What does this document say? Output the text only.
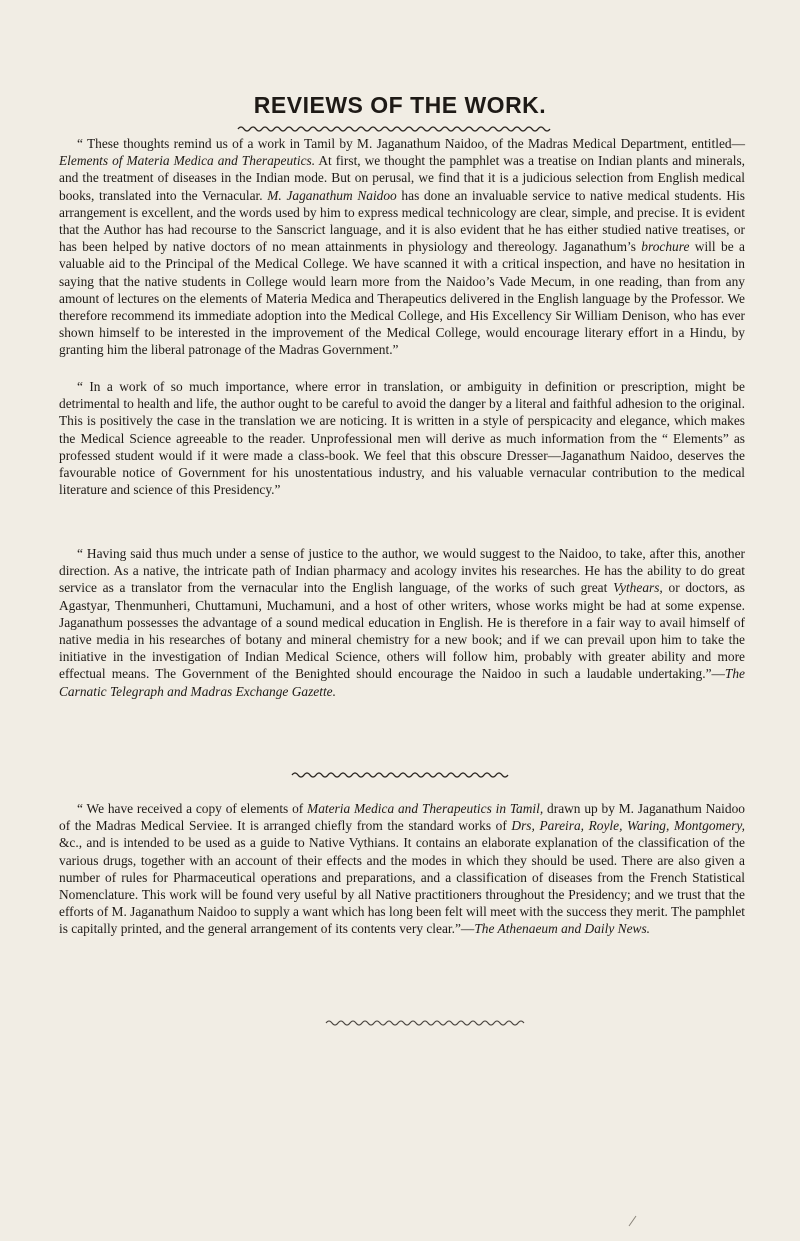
REVIEWS OF THE WORK.

“ These thoughts remind us of a work in Tamil by M. Jaganathum Naidoo, of the Madras Medical Department, entitled—Elements of Materia Medica and Therapeutics. At first, we thought the pamphlet was a treatise on Indian plants and minerals, and the treatment of diseases in the Indian mode. But on perusal, we find that it is a judicious selection from English medical books, translated into the Vernacular. M. Jaganathum Naidoo has done an invaluable service to native medical students. His arrangement is excellent, and the words used by him to express medical technicology are clear, simple, and precise. It is evident that the Author has had recourse to the Sanscrict language, and it is also evident that he has either studied native treatises, or has been helped by native doctors of no mean attainments in physiology and thereology. Jaganathum’s brochure will be a valuable aid to the Principal of the Medical College. We have scanned it with a critical inspection, and have no hesitation in saying that the native students in College would learn more from the Naidoo’s Vade Mecum, in one reading, than from any amount of lectures on the elements of Materia Medica and Therapeutics delivered in the English language by the Professor. We therefore recommend its immediate adoption into the Medical College, and His Excellency Sir William Denison, who has ever shown himself to be interested in the improvement of the Medical College, would encourage literary effort in a Hindu, by granting him the liberal patronage of the Madras Government.”

“ In a work of so much importance, where error in translation, or ambiguity in definition or prescription, might be detrimental to health and life, the author ought to be careful to avoid the danger by a literal and faithful adhesion to the original. This is positively the case in the translation we are noticing. It is written in a style of perspicacity and elegance, which makes the Medical Science agreeable to the reader. Unprofessional men will derive as much information from the “ Elements” as professed student would if it were made a class-book. We feel that this obscure Dresser—Jaganathum Naidoo, deserves the favourable notice of Government for his unostentatious industry, and his valuable vernacular contribution to the medical literature and science of this Presidency.”

“ Having said thus much under a sense of justice to the author, we would suggest to the Naidoo, to take, after this, another direction. As a native, the intricate path of Indian pharmacy and acology invites his researches. He has the ability to do great service as a translator from the vernacular into the English language, of the works of such great Vythears, or doctors, as Agastyar, Thenmunheri, Chuttamuni, Muchamuni, and a host of other writers, whose works might be had at some expense. Jaganathum possesses the advantage of a sound medical education in English. He is therefore in a fair way to avail himself of native media in his researches of botany and mineral chemistry for a new book; and if we can prevail upon him to take the initiative in the investigation of Indian Medical Science, others will follow him, probably with greater ability and more effectual means. The Government of the Benighted should encourage the Naidoo in such a laudable undertaking.”—The Carnatic Telegraph and Madras Exchange Gazette.

“ We have received a copy of elements of Materia Medica and Therapeutics in Tamil, drawn up by M. Jaganathum Naidoo of the Madras Medical Serviee. It is arranged chiefly from the standard works of Drs, Pareira, Royle, Waring, Montgomery, &c., and is intended to be used as a guide to Native Vythians. It contains an elaborate explanation of the classification of the various drugs, together with an account of their effects and the modes in which they should be used. There are also given a number of rules for Pharmaceutical operations and preparations, and a classification of diseases from the French Statistical Nomenclature. This work will be found very useful by all Native practitioners throughout the Presidency; and we trust that the efforts of M. Jaganathum Naidoo to supply a want which has long been felt will meet with the success they merit. The pamphlet is capitally printed, and the general arrangement of its contents very clear.”—The Athenaeum and Daily News.
